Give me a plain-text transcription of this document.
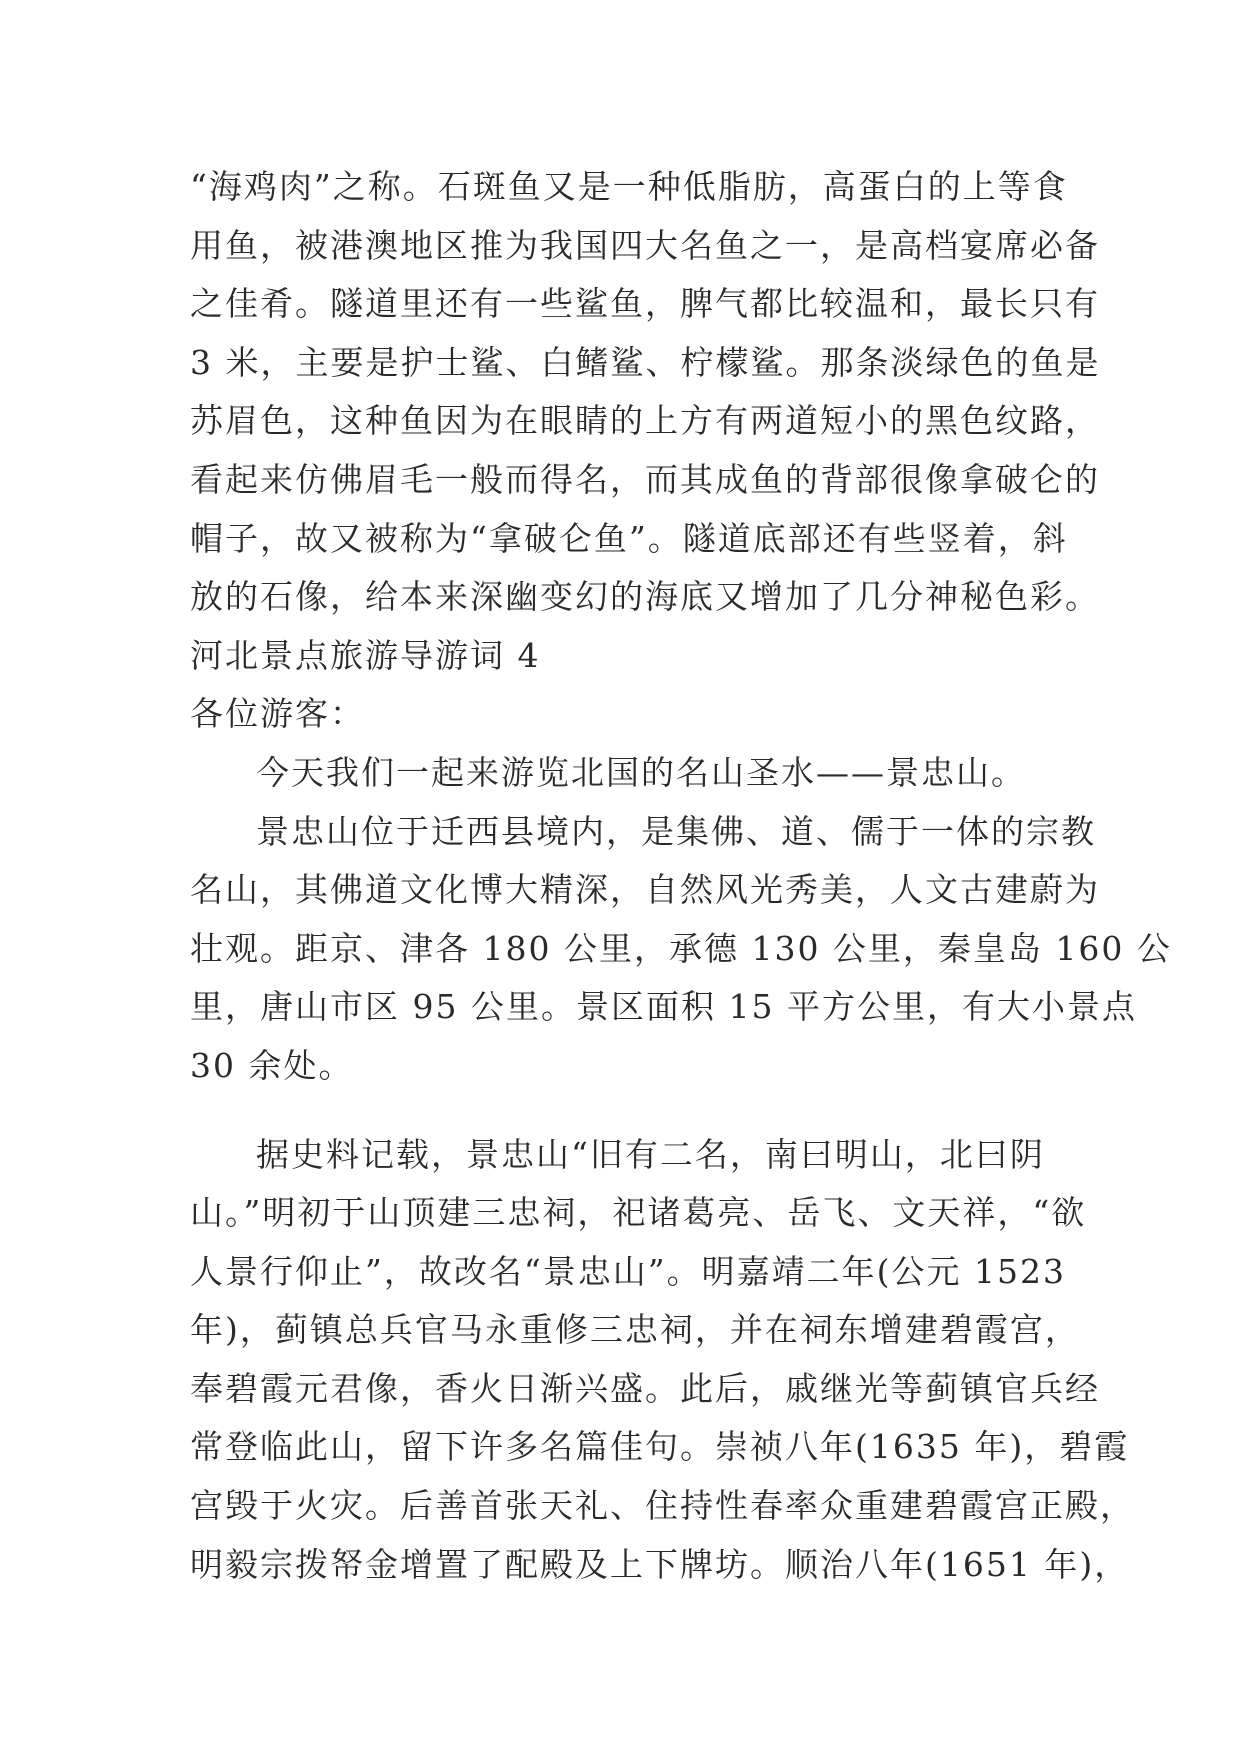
“海鸡肉”之称。石斑鱼又是一种低脂肪，高蛋白的上等食
用鱼，被港澳地区推为我国四大名鱼之一，是高档宴席必备
之佳肴。隧道里还有一些鲨鱼，脾气都比较温和，最长只有
3 米，主要是护士鲨、白鳍鲨、柠檬鲨。那条淡绿色的鱼是
苏眉色，这种鱼因为在眼睛的上方有两道短小的黑色纹路，
看起来仿佛眉毛一般而得名，而其成鱼的背部很像拿破仑的
帽子，故又被称为“拿破仑鱼”。隧道底部还有些竖着，斜
放的石像，给本来深幽变幻的海底又增加了几分神秘色彩。
河北景点旅游导游词 4
各位游客：
今天我们一起来游览北国的名山圣水——景忠山。
景忠山位于迁西县境内，是集佛、道、儒于一体的宗教
名山，其佛道文化博大精深，自然风光秀美，人文古建蔚为
壮观。距京、津各 180 公里，承德 130 公里，秦皇岛 160 公
里，唐山市区 95 公里。景区面积 15 平方公里，有大小景点
30 余处。
据史料记载，景忠山“旧有二名，南曰明山，北曰阴
山。”明初于山顶建三忠祠，祀诸葛亮、岳飞、文天祥，“欲
人景行仰止”，故改名“景忠山”。明嘉靖二年(公元 1523
年)，蓟镇总兵官马永重修三忠祠，并在祠东增建碧霞宫，
奉碧霞元君像，香火日渐兴盛。此后，戚继光等蓟镇官兵经
常登临此山，留下许多名篇佳句。崇祯八年(1635 年)，碧霞
宫毁于火灾。后善首张天礼、住持性春率众重建碧霞宫正殿，
明毅宗拨帑金增置了配殿及上下牌坊。顺治八年(1651 年)，
